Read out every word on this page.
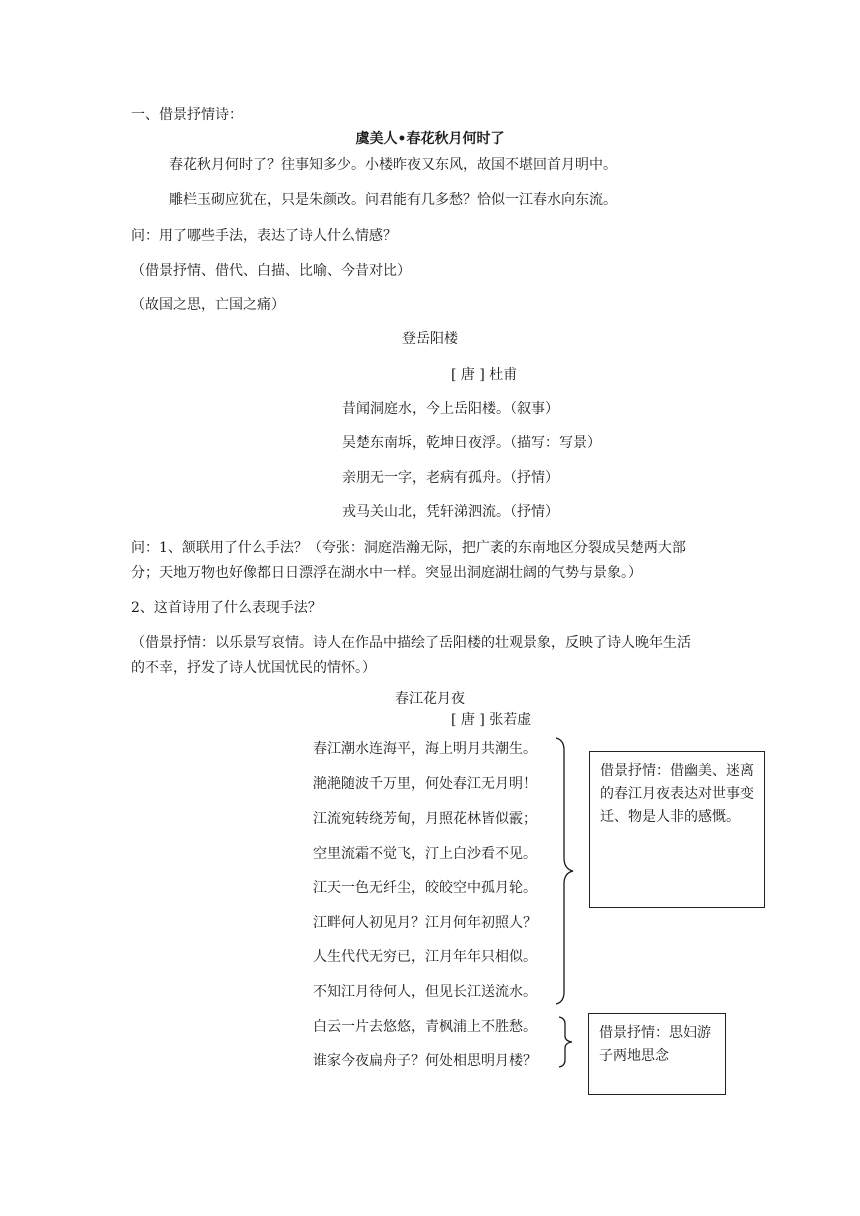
一、借景抒情诗：
虞美人•春花秋月何时了
春花秋月何时了？往事知多少。小楼昨夜又东风，故国不堪回首月明中。
雕栏玉砌应犹在，只是朱颜改。问君能有几多愁？恰似一江春水向东流。
问：用了哪些手法，表达了诗人什么情感？
（借景抒情、借代、白描、比喻、今昔对比）
（故国之思，亡国之痛）
登岳阳楼
[ 唐 ] 杜甫
昔闻洞庭水，今上岳阳楼。（叙事）
吴楚东南坼，乾坤日夜浮。（描写：写景）
亲朋无一字，老病有孤舟。（抒情）
戎马关山北，凭轩涕泗流。（抒情）
问：1、颔联用了什么手法？（夸张：洞庭浩瀚无际，把广袤的东南地区分裂成吴楚两大部
分；天地万物也好像都日日漂浮在湖水中一样。突显出洞庭湖壮阔的气势与景象。）
2、这首诗用了什么表现手法？
（借景抒情：以乐景写哀情。诗人在作品中描绘了岳阳楼的壮观景象，反映了诗人晚年生活
的不幸，抒发了诗人忧国忧民的情怀。）
春江花月夜
[ 唐 ] 张若虚
春江潮水连海平，海上明月共潮生。
滟滟随波千万里，何处春江无月明！
江流宛转绕芳甸，月照花林皆似霰；
空里流霜不觉飞，汀上白沙看不见。
江天一色无纤尘，皎皎空中孤月轮。
江畔何人初见月？江月何年初照人？
人生代代无穷已，江月年年只相似。
不知江月待何人，但见长江送流水。
白云一片去悠悠，青枫浦上不胜愁。
谁家今夜扁舟子？何处相思明月楼？
借景抒情：借幽美、迷离的春江月夜表达对世事变迁、物是人非的感慨。
借景抒情：思妇游子两地思念
